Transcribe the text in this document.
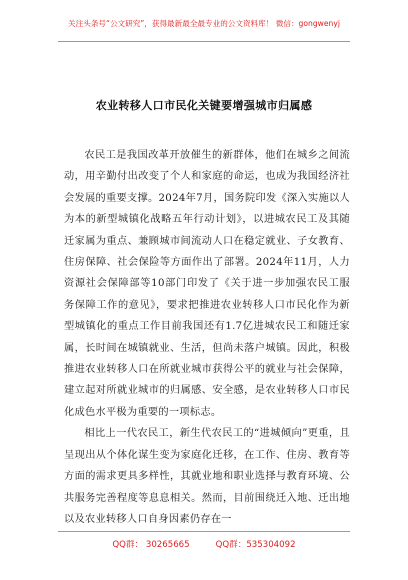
关注头条号“公文研究”，获得最新最全最专业的公文资料库！ 微信：gongwenyj
农业转移人口市民化关键要增强城市归属感

农民工是我国改革开放催生的新群体，他们在城乡之间流动，用辛勤付出改变了个人和家庭的命运，也成为我国经济社会发展的重要支撑。2024年7月，国务院印发《深入实施以人为本的新型城镇化战略五年行动计划》，以进城农民工及其随迁家属为重点、兼顾城市间流动人口在稳定就业、子女教育、住房保障、社会保险等方面作出了部署。2024年11月，人力资源社会保障部等10部门印发了《关于进一步加强农民工服务保障工作的意见》，要求把推进农业转移人口市民化作为新型城镇化的重点工作目前我国还有1.7亿进城农民工和随迁家属，长时间在城镇就业、生活，但尚未落户城镇。因此，积极推进农业转移人口在所就业城市获得公平的就业与社会保障，建立起对所就业城市的归属感、安全感，是农业转移人口市民化成色水平极为重要的一项标志。

相比上一代农民工，新生代农民工的“进城倾向”更重，且呈现出从个体化谋生变为家庭化迁移，在工作、住房、教育等方面的需求更具多样性，其就业地和职业选择与教育环境、公共服务完善程度等息息相关。然而，目前围绕迁入地、迁出地以及农业转移人口自身因素仍存在一

QQ群： 30265665	QQ群：535304092
